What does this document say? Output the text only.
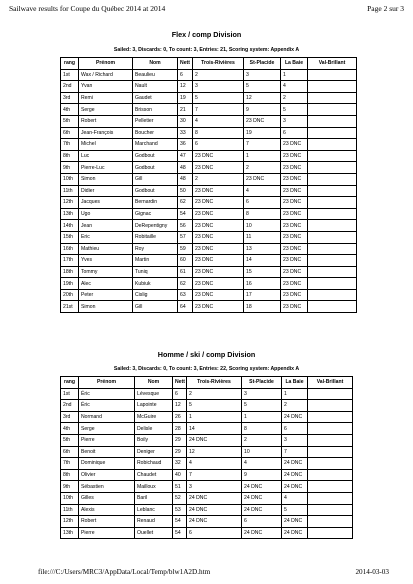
Sailwave results for Coupe du Québec 2014 at 2014	Page 2 sur 3
Flex / comp Division
Sailed: 3, Discards: 0, To count: 3, Entries: 21, Scoring system: Appendix A
rang	Prénom	Nom	Nett	Trois-Rivières	St-Placide	La Baie	Val-Brillant
1st	Wax / Richard	Beaulieu	6	2	3	1	
2nd	Yvan	Nault	12	3	5	4	
3rd	Remi	Gaudet	19	5	12	2	
4th	Serge	Brisson	21	7	9	5	
5th	Robert	Pelletier	30	4	23 DNC	3	
6th	Jean-François	Boucher	33	8	19	6	
7th	Michel	Marchand	36	6	7	23 DNC	
8th	Luc	Godbout	47	23 DNC	1	23 DNC	
9th	Pierre-Luc	Godbout	48	23 DNC	2	23 DNC	
10th	Simon	Gill	48	2	23 DNC	23 DNC	
11th	Didier	Godbout	50	23 DNC	4	23 DNC	
12th	Jacques	Bernardin	62	23 DNC	6	23 DNC	
13th	Ugo	Gignac	54	23 DNC	8	23 DNC	
14th	Jean	DeRepentigny	56	23 DNC	10	23 DNC	
15th	Eric	Robitaille	57	23 DNC	11	23 DNC	
16th	Mathieu	Roy	59	23 DNC	13	23 DNC	
17th	Yves	Martin	60	23 DNC	14	23 DNC	
18th	Tommy	Tuniq	61	23 DNC	15	23 DNC	
19th	Alec	Kubiuk	62	23 DNC	16	23 DNC	
20th	Peter	Cislig	63	23 DNC	17	23 DNC	
21st	Simon	Gill	64	23 DNC	18	23 DNC	
Homme / ski / comp Division
Sailed: 3, Discards: 0, To count: 3, Entries: 22, Scoring system: Appendix A
rang	Prénom	Nom	Nett	Trois-Rivières	St-Placide	La Baie	Val-Brillant
1st	Éric	Lévesque	6	2	3	1	
2nd	Éric	Lapointe	12	5	5	2	
3rd	Normand	McGuire	26	1	1	24 DNC	
4th	Serge	Delisle	28	14	8	6	
5th	Pierre	Boily	29	24 DNC	2	3	
6th	Benoit	Deniger	29	12	10	7	
7th	Dominique	Robichaud	32	4	4	24 DNC	
8th	Olivier	Chaudet	40	7	9	24 DNC	
9th	Sébastien	Mailloux	51	3	24 DNC	24 DNC	
10th	Gilles	Baril	52	24 DNC	24 DNC	4	
11th	Alexis	Leblanc	53	24 DNC	24 DNC	5	
12th	Robert	Renaud	54	24 DNC	6	24 DNC	
13th	Pierre	Ouellet	54	6	24 DNC	24 DNC	
file:///C:/Users/MRC3/AppData/Local/Temp/blw1A2D.htm	2014-03-03
